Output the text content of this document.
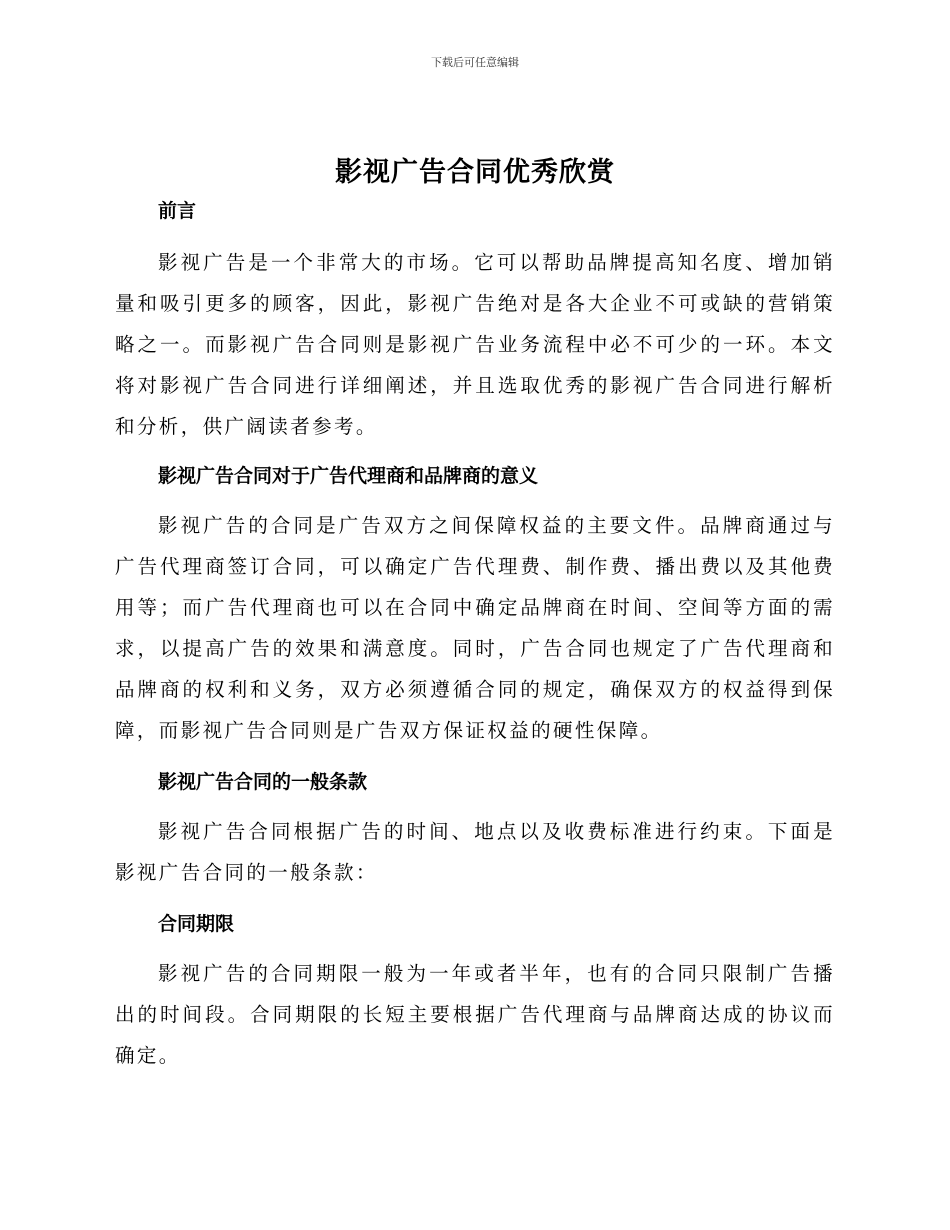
下载后可任意编辑
影视广告合同优秀欣赏

前言

影视广告是一个非常大的市场。它可以帮助品牌提高知名度、增加销量和吸引更多的顾客，因此，影视广告绝对是各大企业不可或缺的营销策略之一。而影视广告合同则是影视广告业务流程中必不可少的一环。本文将对影视广告合同进行详细阐述，并且选取优秀的影视广告合同进行解析和分析，供广阔读者参考。

影视广告合同对于广告代理商和品牌商的意义

影视广告的合同是广告双方之间保障权益的主要文件。品牌商通过与广告代理商签订合同，可以确定广告代理费、制作费、播出费以及其他费用等；而广告代理商也可以在合同中确定品牌商在时间、空间等方面的需求，以提高广告的效果和满意度。同时，广告合同也规定了广告代理商和品牌商的权利和义务，双方必须遵循合同的规定，确保双方的权益得到保障，而影视广告合同则是广告双方保证权益的硬性保障。

影视广告合同的一般条款

影视广告合同根据广告的时间、地点以及收费标准进行约束。下面是影视广告合同的一般条款：

合同期限

影视广告的合同期限一般为一年或者半年，也有的合同只限制广告播出的时间段。合同期限的长短主要根据广告代理商与品牌商达成的协议而确定。
